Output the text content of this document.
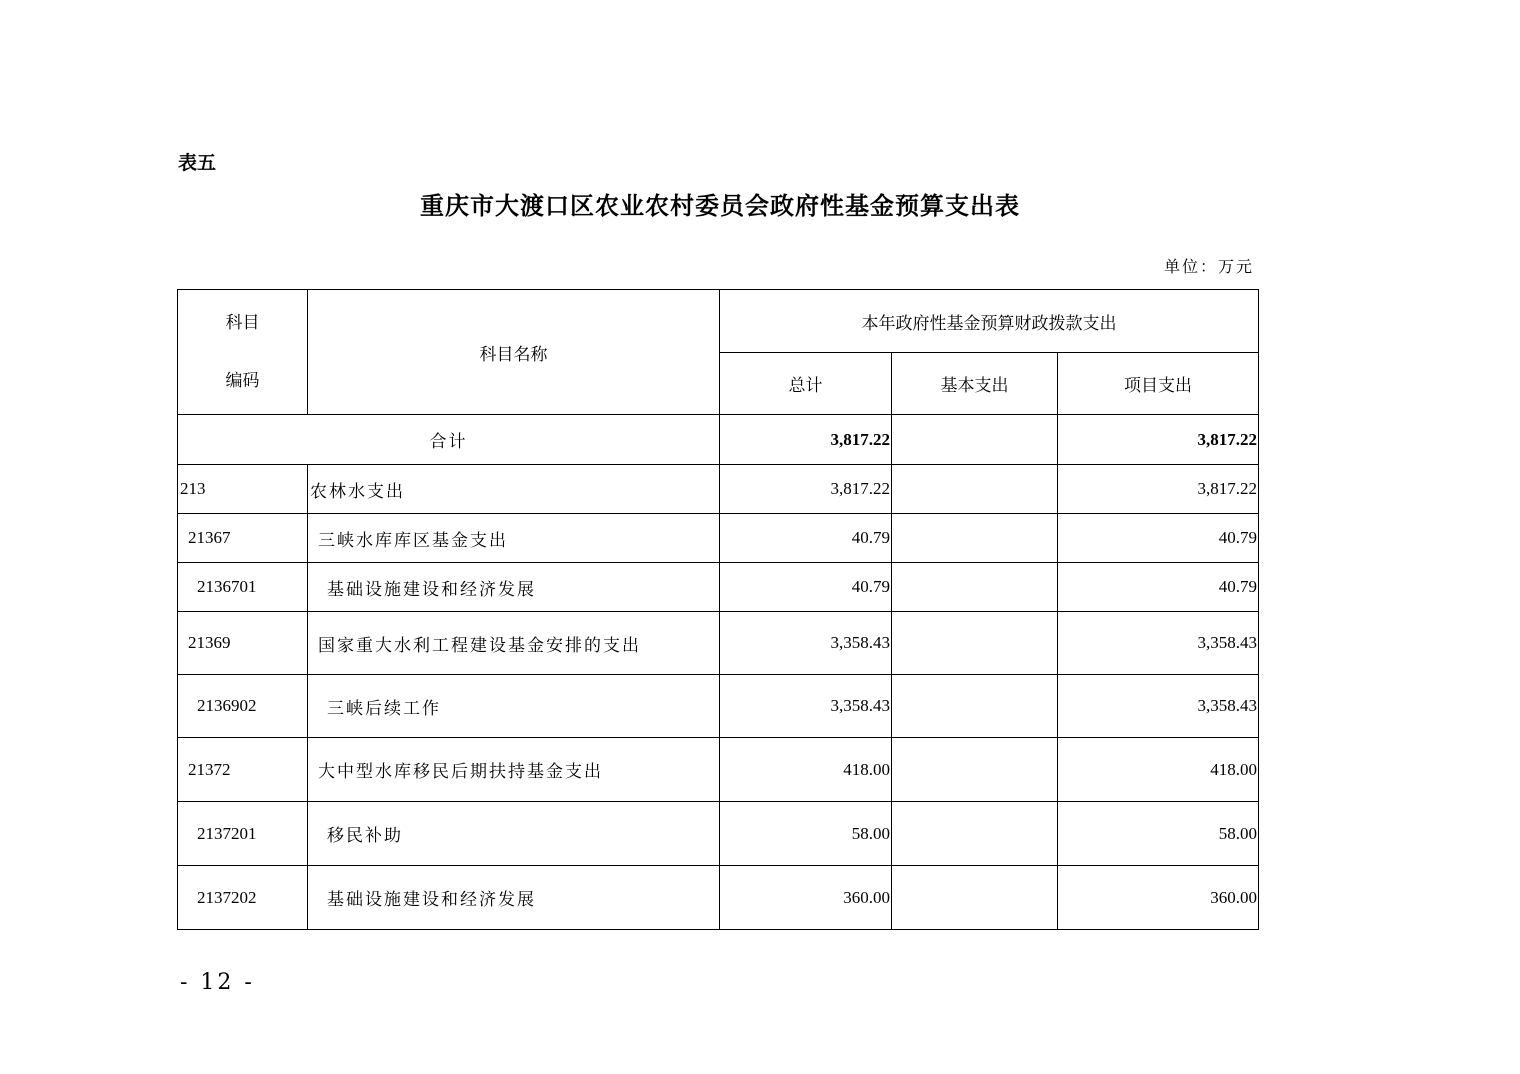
表五
重庆市大渡口区农业农村委员会政府性基金预算支出表
单位：万元
科目
编码	科目名称	本年政府性基金预算财政拨款支出		
		总计	基本支出	项目支出
合计		3,817.22		3,817.22
213	农林水支出	3,817.22		3,817.22
21367	三峡水库库区基金支出	40.79		40.79
2136701	基础设施建设和经济发展	40.79		40.79
21369	国家重大水利工程建设基金安排的支出	3,358.43		3,358.43
2136902	三峡后续工作	3,358.43		3,358.43
21372	大中型水库移民后期扶持基金支出	418.00		418.00
2137201	移民补助	58.00		58.00
2137202	基础设施建设和经济发展	360.00		360.00
- 12 -
